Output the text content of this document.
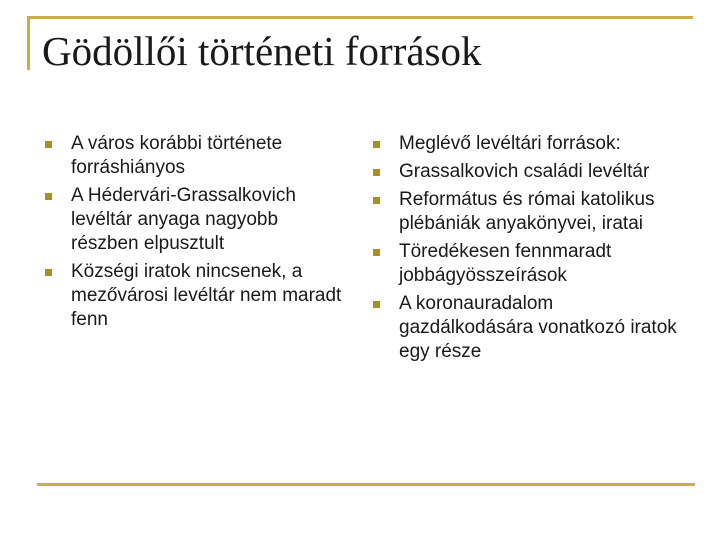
Gödöllői történeti források
A város korábbi története forráshiányos
A Hédervári-Grassalkovich levéltár anyaga nagyobb részben elpusztult
Községi iratok nincsenek, a mezővárosi levéltár nem maradt fenn
Meglévő levéltári források:
Grassalkovich családi levéltár
Református és római katolikus plébániák anyakönyvei, iratai
Töredékesen fennmaradt jobbágyösszeírások
A koronauradalom gazdálkodására vonatkozó iratok egy része
